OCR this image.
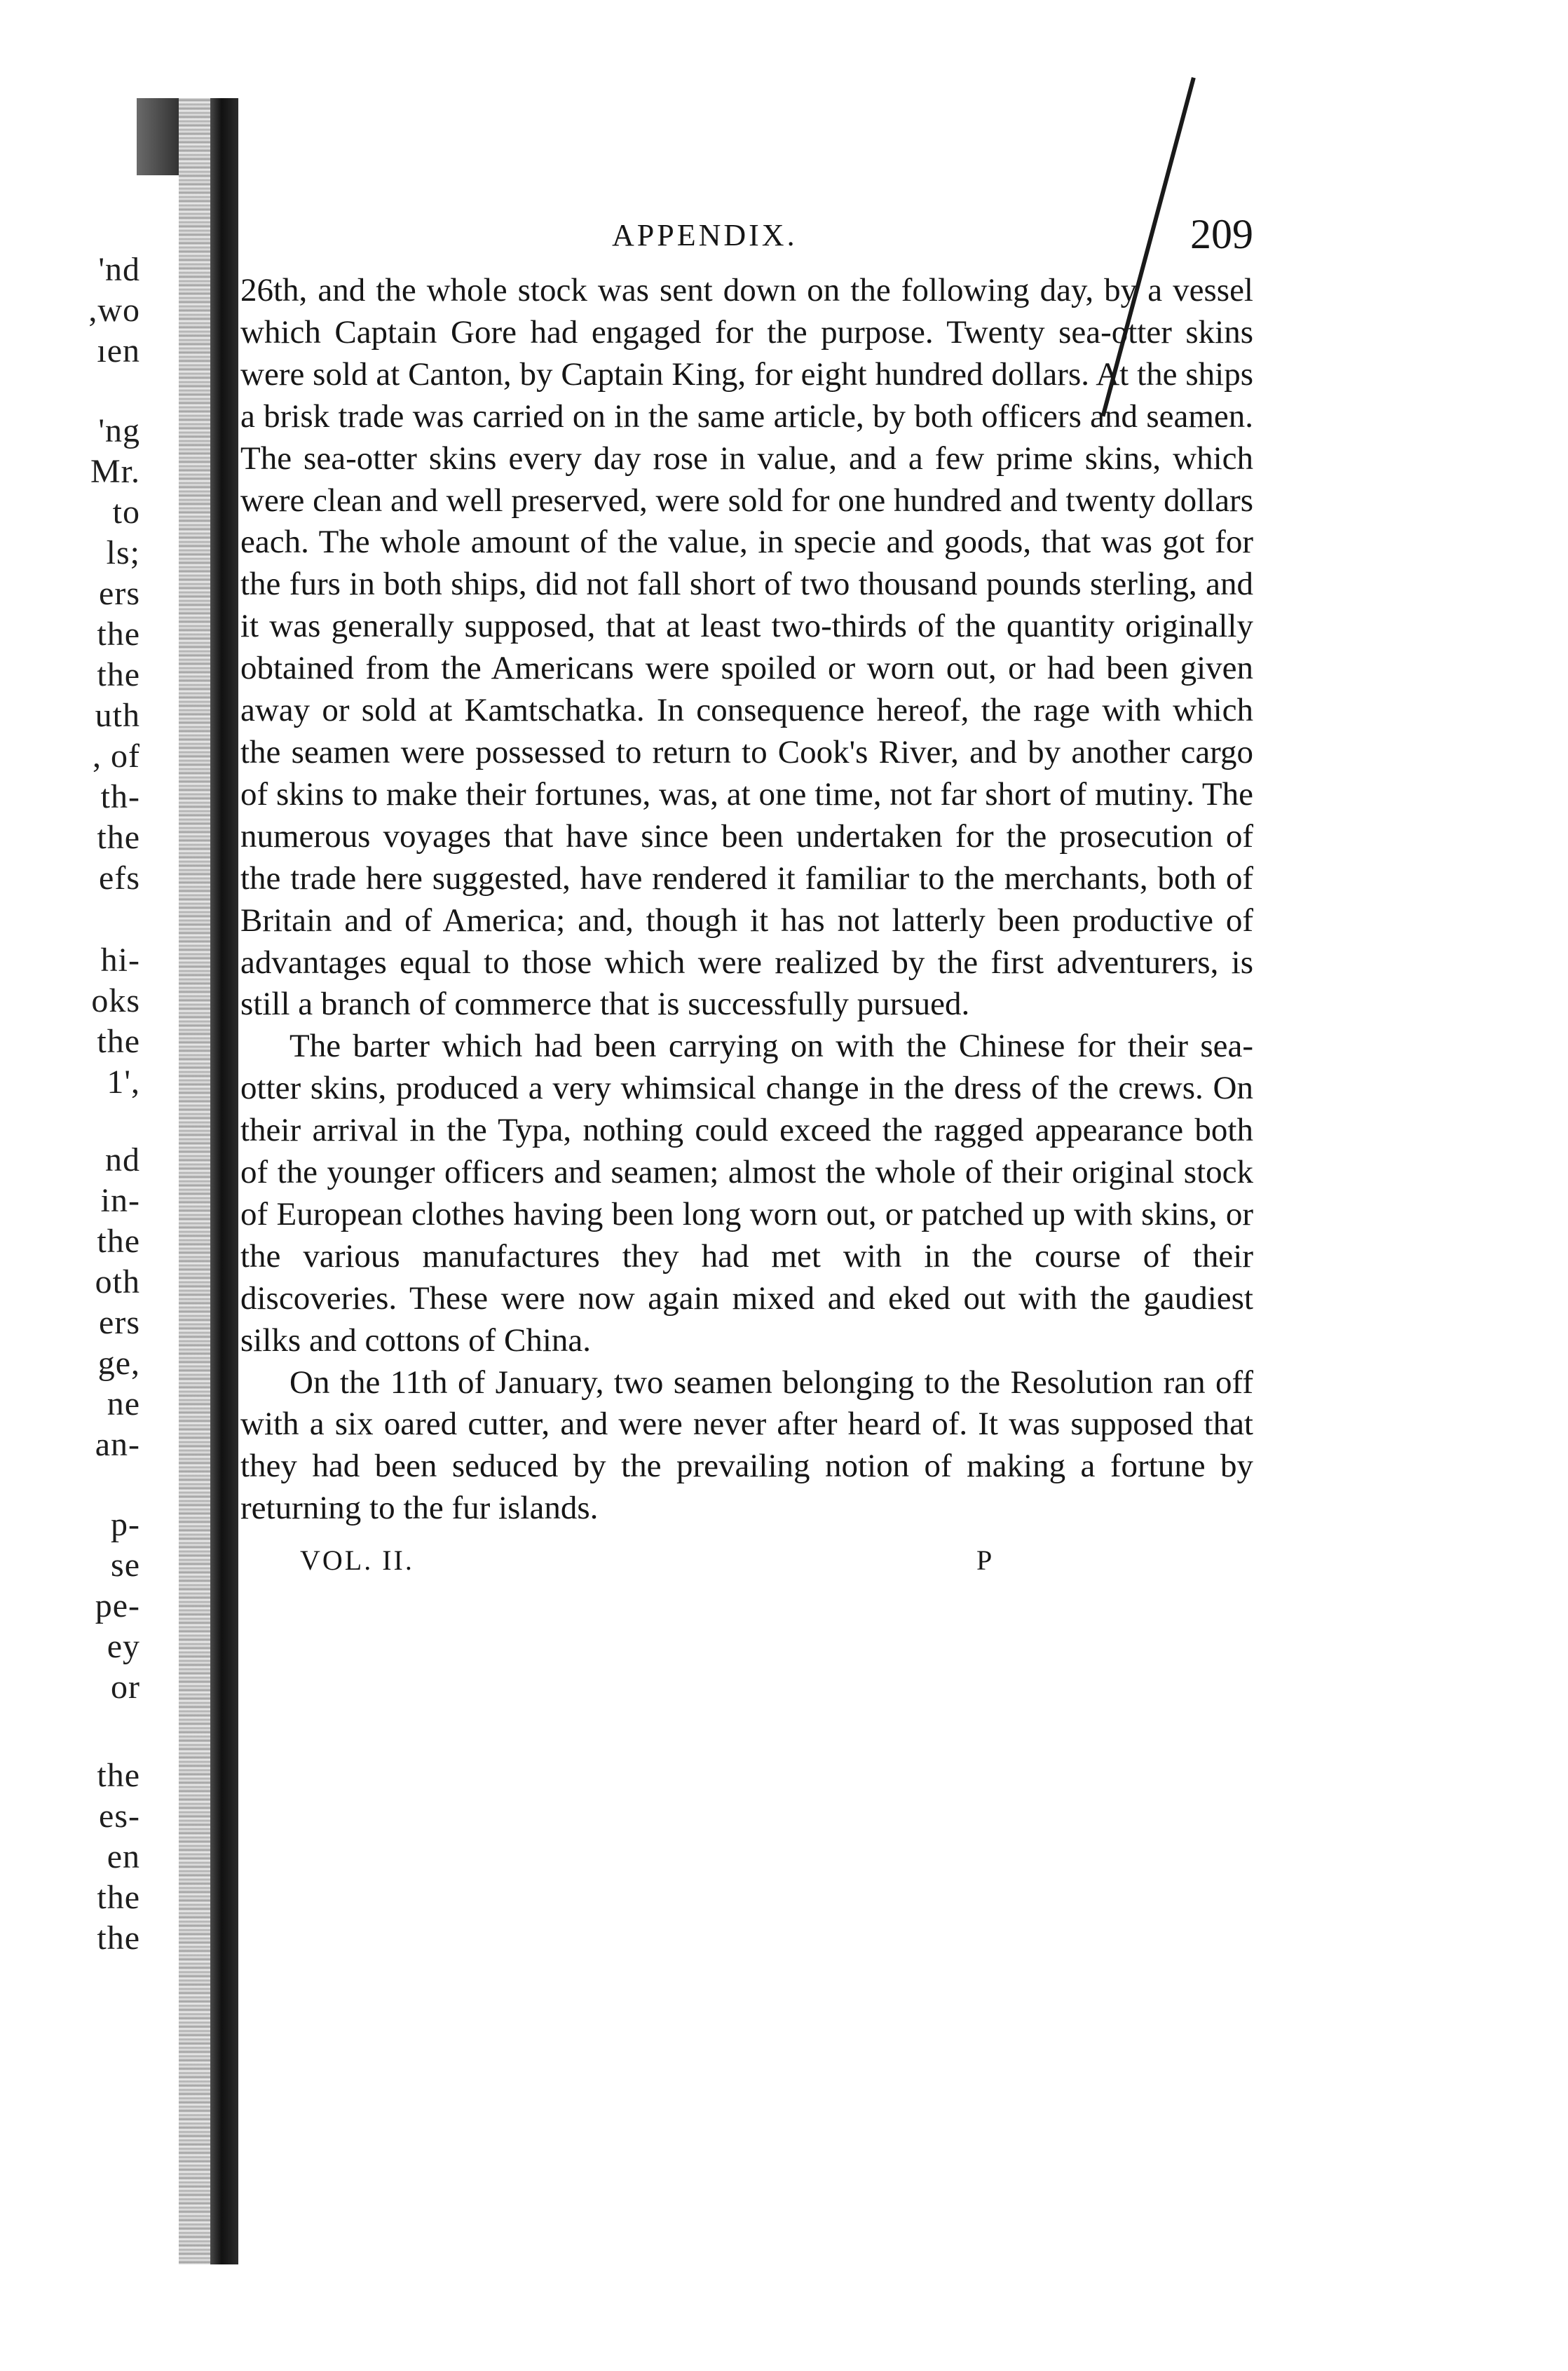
'nd
,wo
ıen
'ng
Mr.
to
ls;
ers
the
the
uth
, of
th-
the
efs
hi-
oks
the
1',
nd
in-
the
oth
ers
ge,
ne
an-
p-
se
pe-
ey
or
the
es-
en
the
the
APPENDIX.	209

26th, and the whole stock was sent down on the following day, by a vessel which Captain Gore had engaged for the purpose. Twenty sea-otter skins were sold at Canton, by Captain King, for eight hundred dollars. At the ships a brisk trade was carried on in the same article, by both officers and seamen. The sea-otter skins every day rose in value, and a few prime skins, which were clean and well preserved, were sold for one hundred and twenty dollars each. The whole amount of the value, in specie and goods, that was got for the furs in both ships, did not fall short of two thousand pounds sterling, and it was generally supposed, that at least two-thirds of the quantity originally obtained from the Americans were spoiled or worn out, or had been given away or sold at Kamtschatka. In consequence hereof, the rage with which the seamen were possessed to return to Cook's River, and by another cargo of skins to make their fortunes, was, at one time, not far short of mutiny. The numerous voyages that have since been undertaken for the prosecution of the trade here suggested, have rendered it familiar to the merchants, both of Britain and of America; and, though it has not latterly been productive of advantages equal to those which were realized by the first adventurers, is still a branch of commerce that is successfully pursued.

The barter which had been carrying on with the Chinese for their sea-otter skins, produced a very whimsical change in the dress of the crews. On their arrival in the Typa, nothing could exceed the ragged appearance both of the younger officers and seamen; almost the whole of their original stock of European clothes having been long worn out, or patched up with skins, or the various manufactures they had met with in the course of their discoveries. These were now again mixed and eked out with the gaudiest silks and cottons of China.

On the 11th of January, two seamen belonging to the Resolution ran off with a six oared cutter, and were never after heard of. It was supposed that they had been seduced by the prevailing notion of making a fortune by returning to the fur islands.

VOL. II.	P
